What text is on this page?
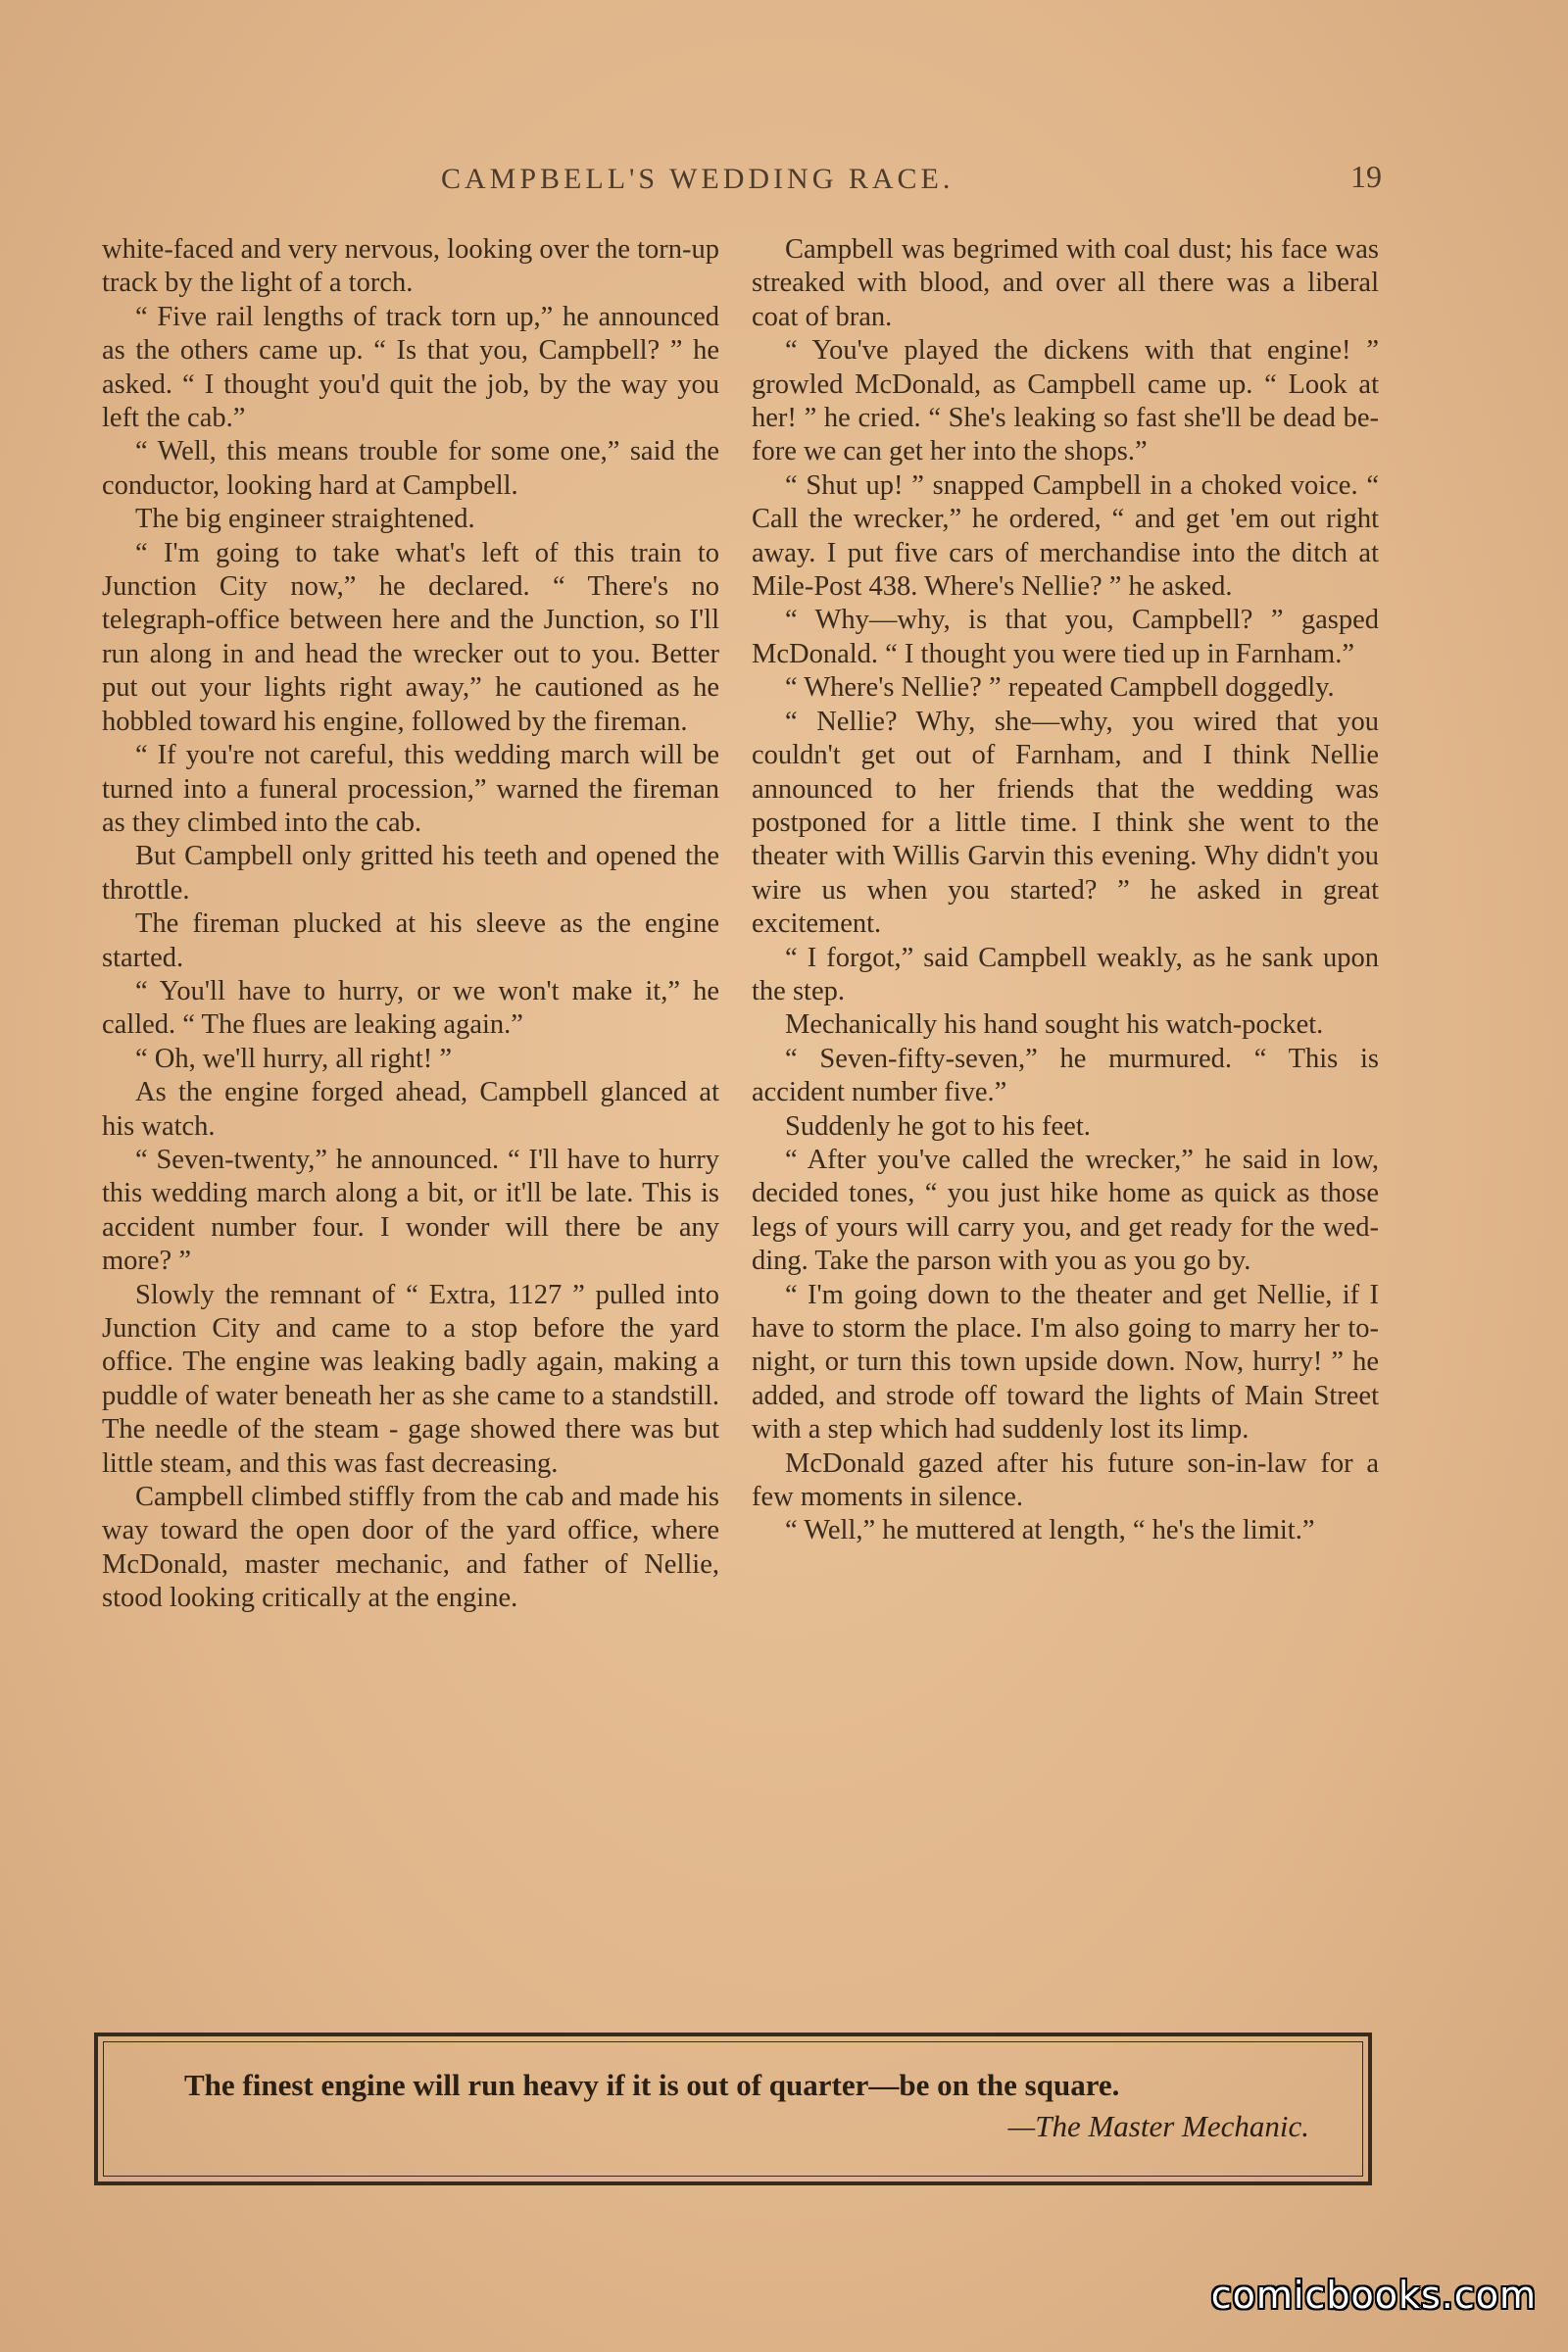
CAMPBELL'S WEDDING RACE.	19

white-faced and very nervous, looking over the torn-up track by the light of a torch.

“ Five rail lengths of track torn up,” he announced as the others came up. “ Is that you, Campbell? ” he asked. “ I thought you'd quit the job, by the way you left the cab.”

“ Well, this means trouble for some one,” said the conductor, looking hard at Campbell.

The big engineer straightened.

“ I'm going to take what's left of this train to Junction City now,” he declared. “ There's no telegraph-office between here and the Junction, so I'll run along in and head the wrecker out to you. Better put out your lights right away,” he cautioned as he hobbled toward his engine, followed by the fireman.

“ If you're not careful, this wedding march will be turned into a funeral procession,” warned the fireman as they climbed into the cab.

But Campbell only gritted his teeth and opened the throttle.

The fireman plucked at his sleeve as the engine started.

“ You'll have to hurry, or we won't make it,” he called. “ The flues are leaking again.”

“ Oh, we'll hurry, all right! ”

As the engine forged ahead, Campbell glanced at his watch.

“ Seven-twenty,” he announced. “ I'll have to hurry this wedding march along a bit, or it'll be late. This is accident number four. I wonder will there be any more? ”

Slowly the remnant of “ Extra, 1127 ” pulled into Junction City and came to a stop before the yard office. The engine was leaking badly again, making a puddle of water beneath her as she came to a standstill. The needle of the steam - gage showed there was but little steam, and this was fast decreasing.

Campbell climbed stiffly from the cab and made his way toward the open door of the yard office, where McDonald, master mechanic, and father of Nellie, stood looking critically at the engine.

Campbell was begrimed with coal dust; his face was streaked with blood, and over all there was a liberal coat of bran.

“ You've played the dickens with that engine! ” growled McDonald, as Campbell came up. “ Look at her! ” he cried. “ She's leaking so fast she'll be dead before we can get her into the shops.”

“ Shut up! ” snapped Campbell in a choked voice. “ Call the wrecker,” he ordered, “ and get 'em out right away. I put five cars of merchandise into the ditch at Mile-Post 438. Where's Nellie? ” he asked.

“ Why—why, is that you, Campbell? ” gasped McDonald. “ I thought you were tied up in Farnham.”

“ Where's Nellie? ” repeated Campbell doggedly.

“ Nellie? Why, she—why, you wired that you couldn't get out of Farnham, and I think Nellie announced to her friends that the wedding was postponed for a little time. I think she went to the theater with Willis Garvin this evening. Why didn't you wire us when you started? ” he asked in great excitement.

“ I forgot,” said Campbell weakly, as he sank upon the step.

Mechanically his hand sought his watch-pocket.

“ Seven-fifty-seven,” he murmured. “ This is accident number five.”

Suddenly he got to his feet.

“ After you've called the wrecker,” he said in low, decided tones, “ you just hike home as quick as those legs of yours will carry you, and get ready for the wedding. Take the parson with you as you go by.

“ I'm going down to the theater and get Nellie, if I have to storm the place. I'm also going to marry her to-night, or turn this town upside down. Now, hurry! ” he added, and strode off toward the lights of Main Street with a step which had suddenly lost its limp.

McDonald gazed after his future son-in-law for a few moments in silence.

“ Well,” he muttered at length, “ he's the limit.”

The finest engine will run heavy if it is out of quarter—be on the square.
—The Master Mechanic.
comicbooks.com
